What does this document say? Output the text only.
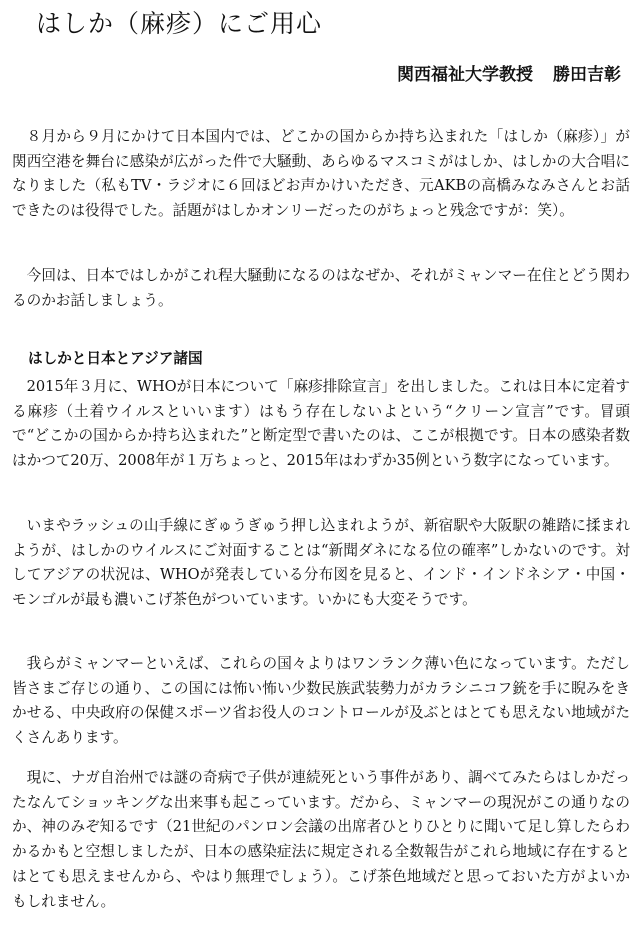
はしか（麻疹）にご用心
関西福祉大学教授 勝田吉彰

８月から９月にかけて日本国内では、どこかの国からか持ち込まれた「はしか（麻疹）」が関西空港を舞台に感染が広がった件で大騒動、あらゆるマスコミがはしか、はしかの大合唱になりました（私もTV・ラジオに６回ほどお声かけいただき、元AKBの高橋みなみさんとお話できたのは役得でした。話題がはしかオンリーだったのがちょっと残念ですが：笑）。

今回は、日本ではしかがこれ程大騒動になるのはなぜか、それがミャンマー在住とどう関わるのかお話しましょう。

はしかと日本とアジア諸国

2015年３月に、WHOが日本について「麻疹排除宣言」を出しました。これは日本に定着する麻疹（土着ウイルスといいます）はもう存在しないよという“クリーン宣言”です。冒頭で“どこかの国からか持ち込まれた”と断定型で書いたのは、ここが根拠です。日本の感染者数はかつて20万、2008年が１万ちょっと、2015年はわずか35例という数字になっています。

いまやラッシュの山手線にぎゅうぎゅう押し込まれようが、新宿駅や大阪駅の雑踏に揉まれようが、はしかのウイルスにご対面することは“新聞ダネになる位の確率”しかないのです。対してアジアの状況は、WHOが発表している分布図を見ると、インド・インドネシア・中国・モンゴルが最も濃いこげ茶色がついています。いかにも大変そうです。

我らがミャンマーといえば、これらの国々よりはワンランク薄い色になっています。ただし皆さまご存じの通り、この国には怖い怖い少数民族武装勢力がカラシニコフ銃を手に睨みをきかせる、中央政府の保健スポーツ省お役人のコントロールが及ぶとはとても思えない地域がたくさんあります。

現に、ナガ自治州では謎の奇病で子供が連続死という事件があり、調べてみたらはしかだったなんてショッキングな出来事も起こっています。だから、ミャンマーの現況がこの通りなのか、神のみぞ知るです（21世紀のパンロン会議の出席者ひとりひとりに聞いて足し算したらわかるかもと空想しましたが、日本の感染症法に規定される全数報告がこれら地域に存在するとはとても思えませんから、やはり無理でしょう）。こげ茶色地域だと思っておいた方がよいかもしれません。
